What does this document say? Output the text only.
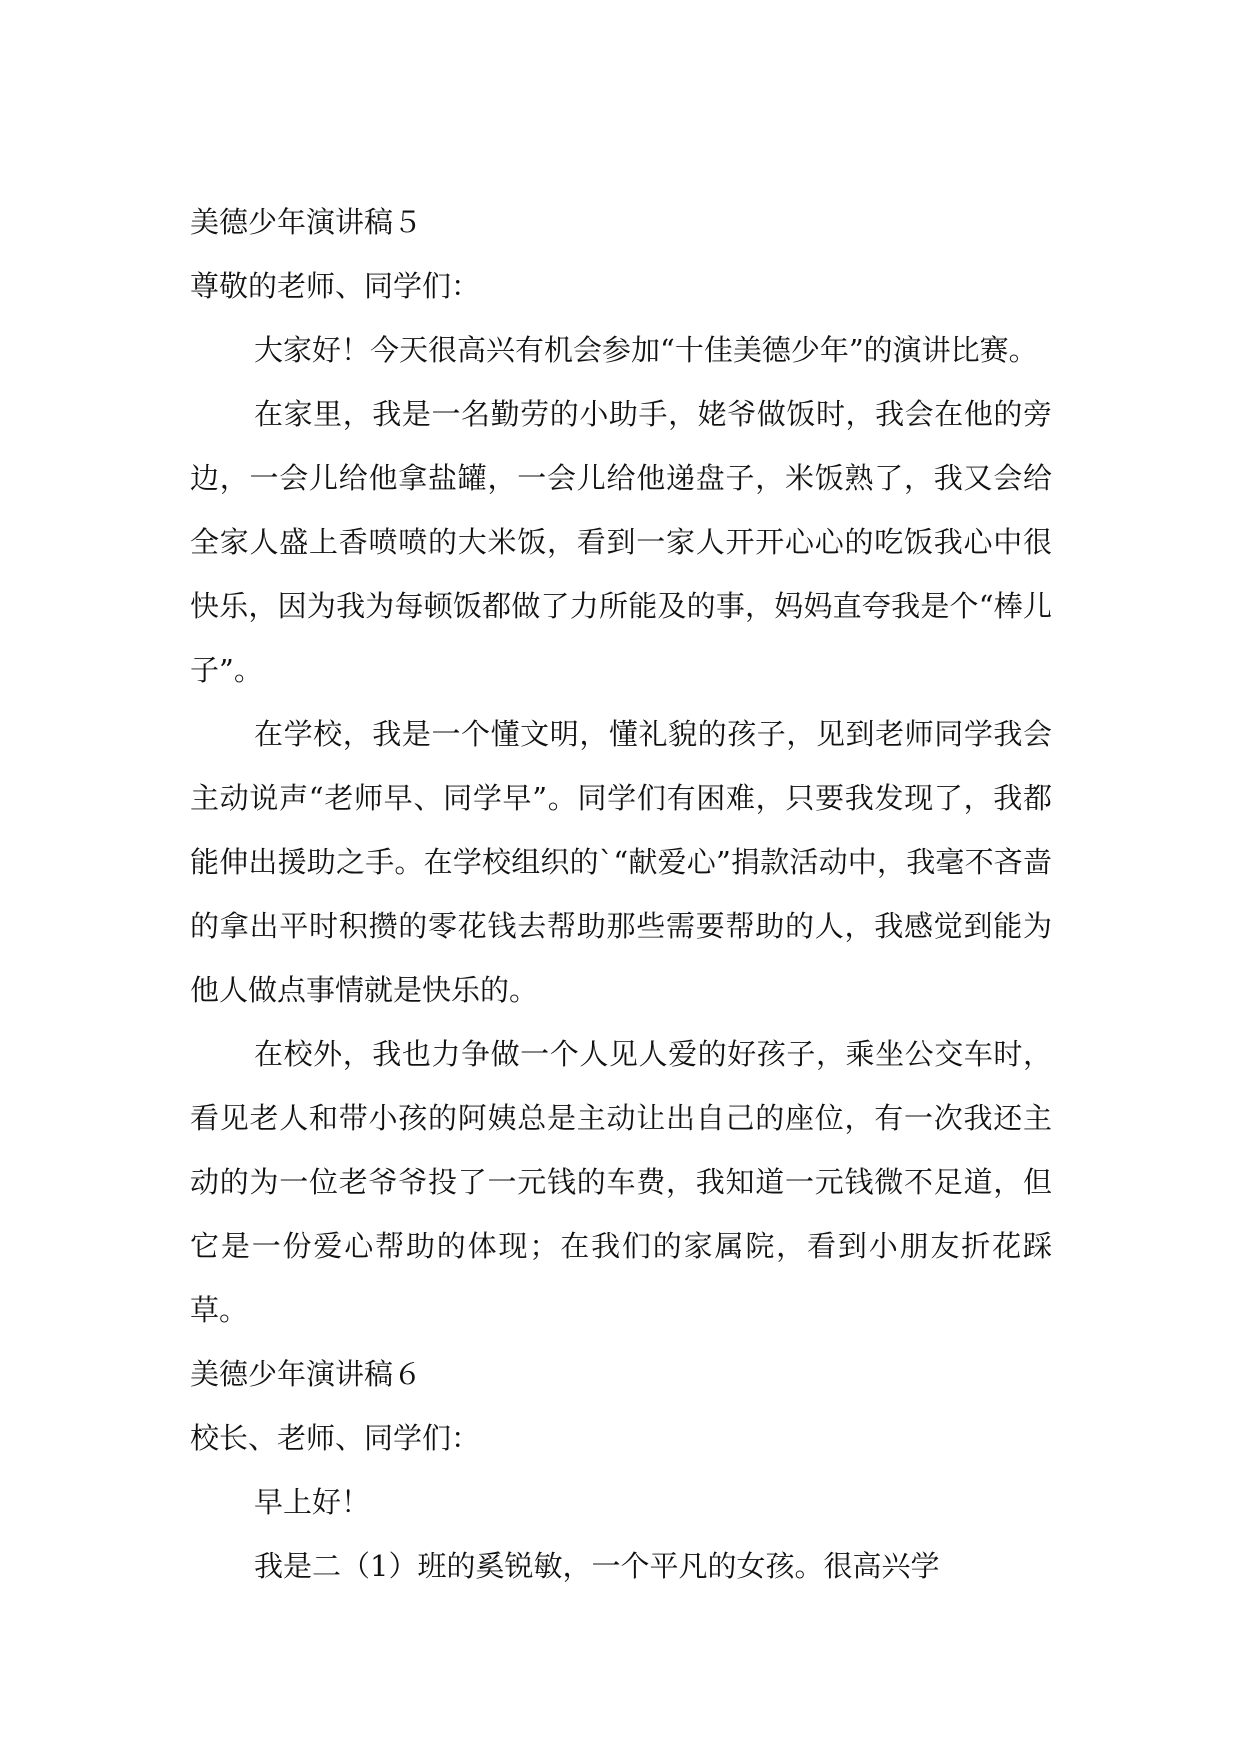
美德少年演讲稿５

尊敬的老师、同学们：

大家好！今天很高兴有机会参加“十佳美德少年”的演讲比赛。

在家里，我是一名勤劳的小助手，姥爷做饭时，我会在他的旁边，一会儿给他拿盐罐，一会儿给他递盘子，米饭熟了，我又会给全家人盛上香喷喷的大米饭，看到一家人开开心心的吃饭我心中很快乐，因为我为每顿饭都做了力所能及的事，妈妈直夸我是个“棒儿子”。

在学校，我是一个懂文明，懂礼貌的孩子，见到老师同学我会主动说声“老师早、同学早”。同学们有困难，只要我发现了，我都能伸出援助之手。在学校组织的`“献爱心”捐款活动中，我毫不吝啬的拿出平时积攒的零花钱去帮助那些需要帮助的人，我感觉到能为他人做点事情就是快乐的。

在校外，我也力争做一个人见人爱的好孩子，乘坐公交车时，看见老人和带小孩的阿姨总是主动让出自己的座位，有一次我还主动的为一位老爷爷投了一元钱的车费，我知道一元钱微不足道，但它是一份爱心帮助的体现；在我们的家属院，看到小朋友折花踩草。

美德少年演讲稿６

校长、老师、同学们：

早上好！

我是二（1）班的奚锐敏，一个平凡的女孩。很高兴学
